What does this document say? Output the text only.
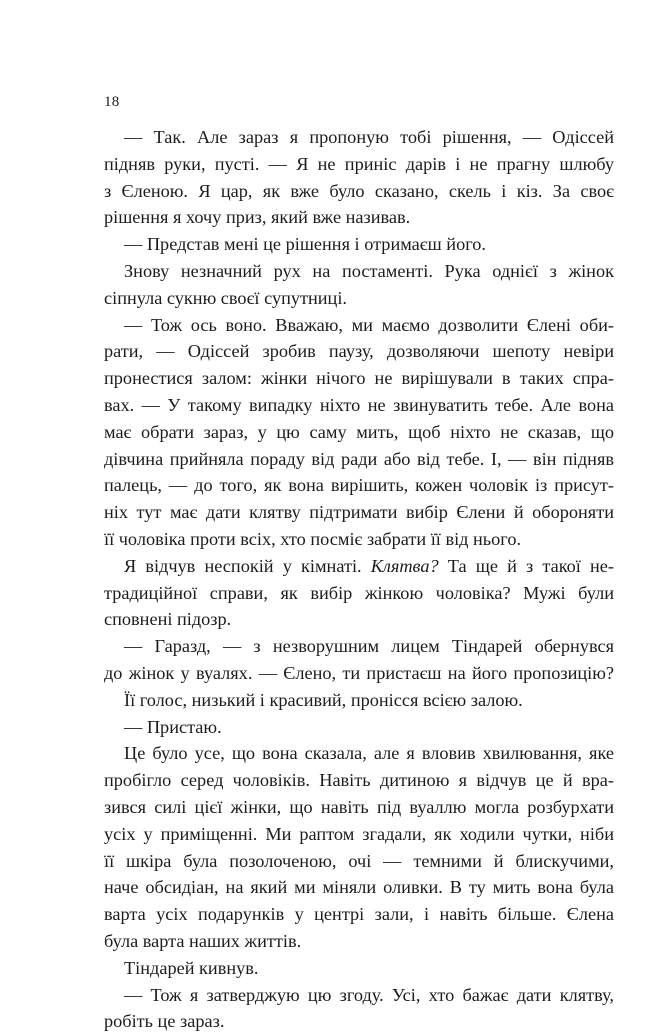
18
— Так. Але зараз я пропоную тобі рішення, — Одіссей
підняв руки, пусті. — Я не приніс дарів і не прагну шлюбу
з Єленою. Я цар, як вже було сказано, скель і кіз. За своє
рішення я хочу приз, який вже називав.
— Представ мені це рішення і отримаєш його.
Знову незначний рух на постаменті. Рука однієї з жінок
сіпнула сукню своєї супутниці.
— Тож ось воно. Вважаю, ми маємо дозволити Єлені оби-
рати, — Одіссей зробив паузу, дозволяючи шепоту невіри
пронестися залом: жінки нічого не вирішували в таких спра-
вах. — У такому випадку ніхто не звинуватить тебе. Але вона
має обрати зараз, у цю саму мить, щоб ніхто не сказав, що
дівчина прийняла пораду від ради або від тебе. І, — він підняв
палець, — до того, як вона вирішить, кожен чоловік із присут-
ніх тут має дати клятву підтримати вибір Єлени й обороняти
її чоловіка проти всіх, хто посміє забрати її від нього.
Я відчув неспокій у кімнаті. Клятва? Та ще й з такої не-
традиційної справи, як вибір жінкою чоловіка? Мужі були
сповнені підозр.
— Гаразд, — з незворушним лицем Тіндарей обернувся
до жінок у вуалях. — Єлено, ти пристаєш на його пропозицію?
Її голос, низький і красивий, пронісся всією залою.
— Пристаю.
Це було усе, що вона сказала, але я вловив хвилювання, яке
пробігло серед чоловіків. Навіть дитиною я відчув це й вра-
зився силі цієї жінки, що навіть під вуаллю могла розбурхати
усіх у приміщенні. Ми раптом згадали, як ходили чутки, ніби
її шкіра була позолоченою, очі — темними й блискучими,
наче обсидіан, на який ми міняли оливки. В ту мить вона була
варта усіх подарунків у центрі зали, і навіть більше. Єлена
була варта наших життів.
Тіндарей кивнув.
— Тож я затверджую цю згоду. Усі, хто бажає дати клятву,
робіть це зараз.
